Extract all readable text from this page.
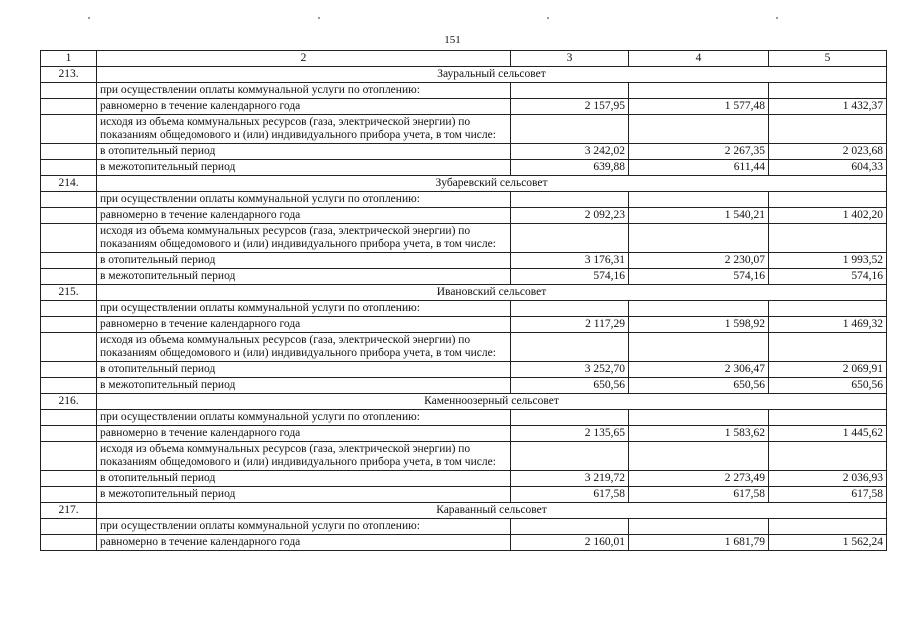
151
1	2	3	4	5
213.	Зауральный сельсовет			
	при осуществлении оплаты коммунальной услуги по отоплению:			
	равномерно в течение календарного года	2 157,95	1 577,48	1 432,37
	исходя из объема коммунальных ресурсов (газа, электрической энергии) по показаниям общедомового и (или) индивидуального прибора учета, в том числе:			
	в отопительный период	3 242,02	2 267,35	2 023,68
	в межотопительный период	639,88	611,44	604,33
214.	Зубаревский сельсовет			
	при осуществлении оплаты коммунальной услуги по отоплению:			
	равномерно в течение календарного года	2 092,23	1 540,21	1 402,20
	исходя из объема коммунальных ресурсов (газа, электрической энергии) по показаниям общедомового и (или) индивидуального прибора учета, в том числе:			
	в отопительный период	3 176,31	2 230,07	1 993,52
	в межотопительный период	574,16	574,16	574,16
215.	Ивановский сельсовет			
	при осуществлении оплаты коммунальной услуги по отоплению:			
	равномерно в течение календарного года	2 117,29	1 598,92	1 469,32
	исходя из объема коммунальных ресурсов (газа, электрической энергии) по показаниям общедомового и (или) индивидуального прибора учета, в том числе:			
	в отопительный период	3 252,70	2 306,47	2 069,91
	в межотопительный период	650,56	650,56	650,56
216.	Каменноозерный сельсовет			
	при осуществлении оплаты коммунальной услуги по отоплению:			
	равномерно в течение календарного года	2 135,65	1 583,62	1 445,62
	исходя из объема коммунальных ресурсов (газа, электрической энергии) по показаниям общедомового и (или) индивидуального прибора учета, в том числе:			
	в отопительный период	3 219,72	2 273,49	2 036,93
	в межотопительный период	617,58	617,58	617,58
217.	Караванный сельсовет			
	при осуществлении оплаты коммунальной услуги по отоплению:			
	равномерно в течение календарного года	2 160,01	1 681,79	1 562,24
